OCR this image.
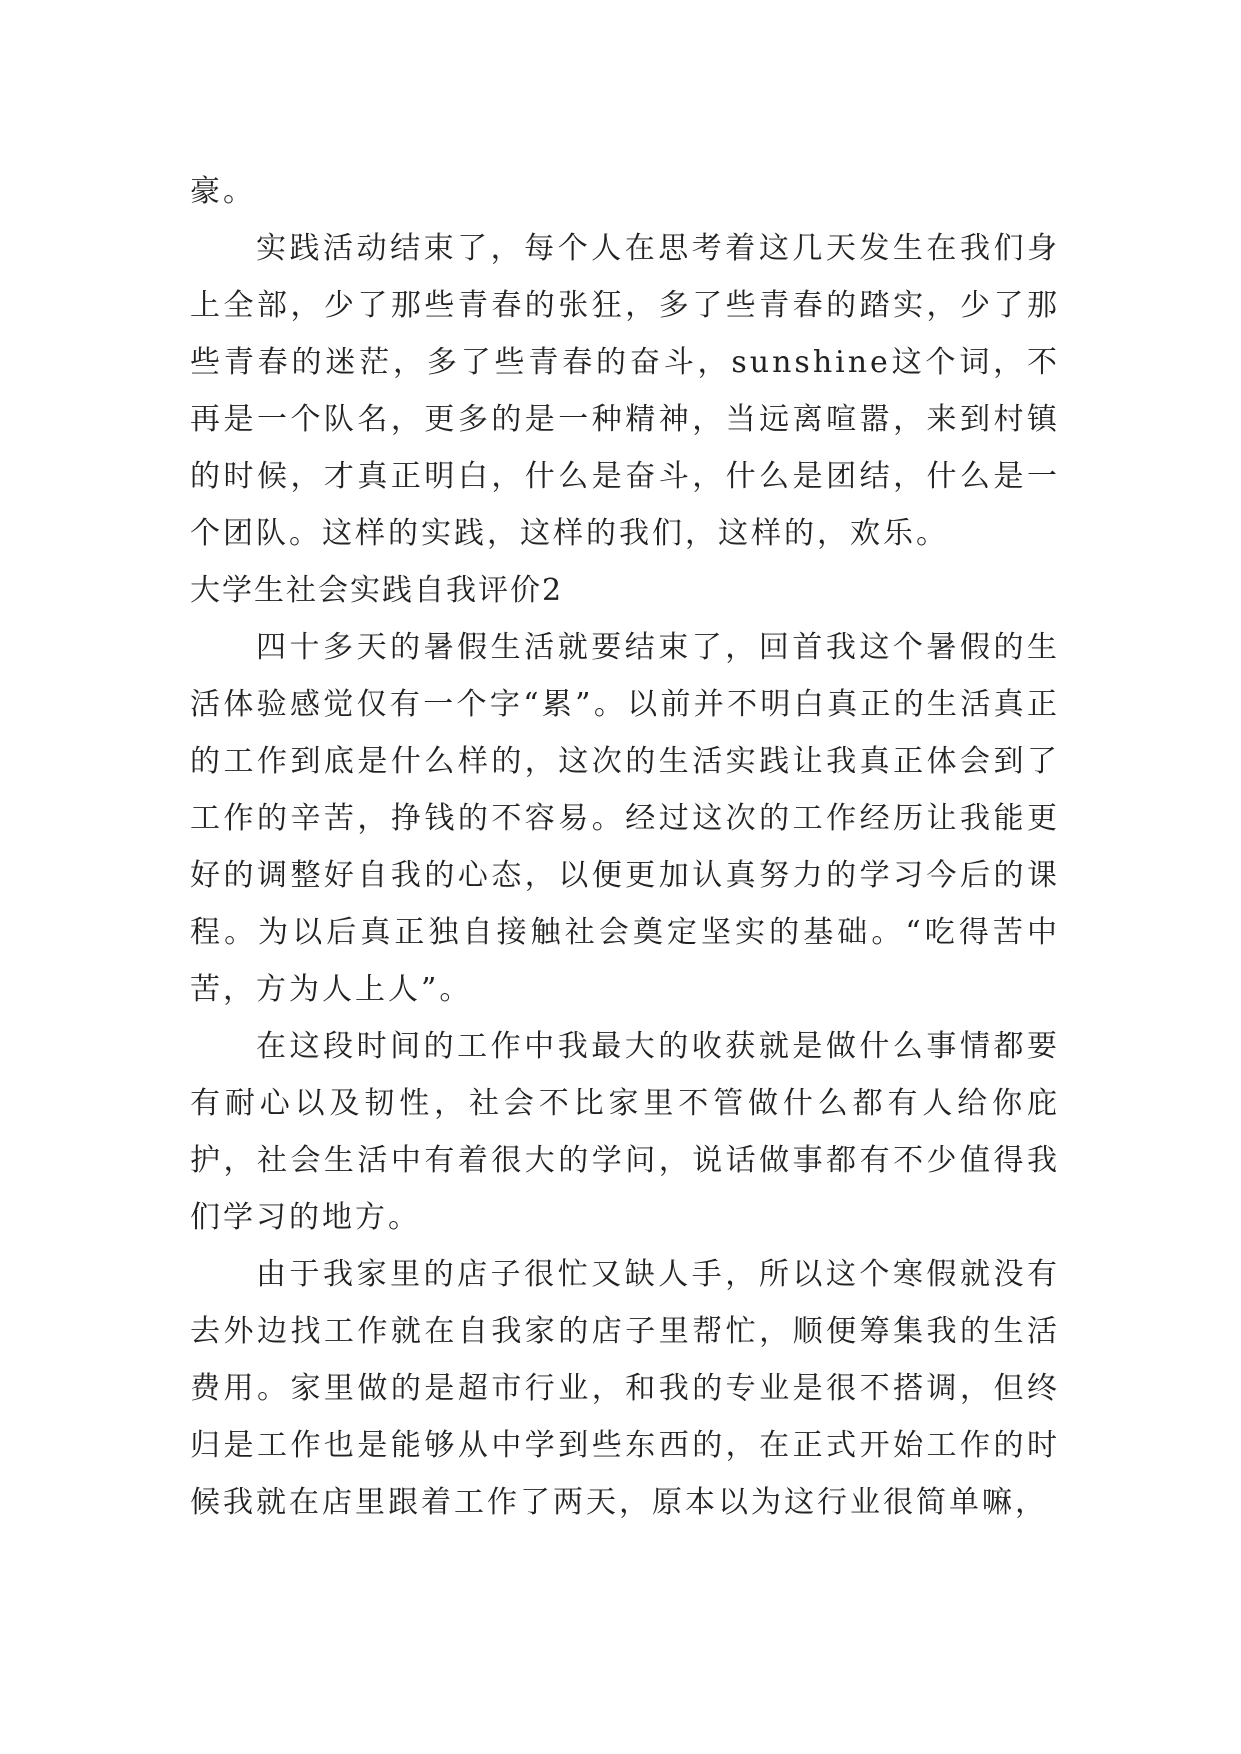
豪。

实践活动结束了，每个人在思考着这几天发生在我们身上全部，少了那些青春的张狂，多了些青春的踏实，少了那些青春的迷茫，多了些青春的奋斗，sunshine这个词，不再是一个队名，更多的是一种精神，当远离喧嚣，来到村镇的时候，才真正明白，什么是奋斗，什么是团结，什么是一个团队。这样的实践，这样的我们，这样的，欢乐。

大学生社会实践自我评价2

四十多天的暑假生活就要结束了，回首我这个暑假的生活体验感觉仅有一个字“累”。以前并不明白真正的生活真正的工作到底是什么样的，这次的生活实践让我真正体会到了工作的辛苦，挣钱的不容易。经过这次的工作经历让我能更好的调整好自我的心态，以便更加认真努力的学习今后的课程。为以后真正独自接触社会奠定坚实的基础。“吃得苦中苦，方为人上人”。

在这段时间的工作中我最大的收获就是做什么事情都要有耐心以及韧性，社会不比家里不管做什么都有人给你庇护，社会生活中有着很大的学问，说话做事都有不少值得我们学习的地方。

由于我家里的店子很忙又缺人手，所以这个寒假就没有去外边找工作就在自我家的店子里帮忙，顺便筹集我的生活费用。家里做的是超市行业，和我的专业是很不搭调，但终归是工作也是能够从中学到些东西的，在正式开始工作的时候我就在店里跟着工作了两天，原本以为这行业很简单嘛，
